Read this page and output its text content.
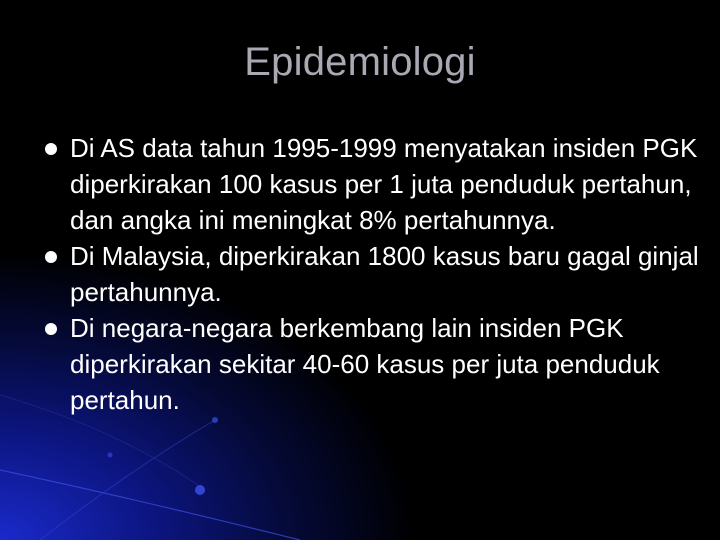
Epidemiologi
Di AS data tahun 1995-1999 menyatakan insiden PGK diperkirakan 100 kasus per 1 juta penduduk pertahun, dan angka ini meningkat 8% pertahunnya.
Di Malaysia, diperkirakan 1800 kasus baru gagal ginjal pertahunnya.
Di negara-negara berkembang lain insiden PGK diperkirakan sekitar 40-60 kasus per juta penduduk pertahun.
